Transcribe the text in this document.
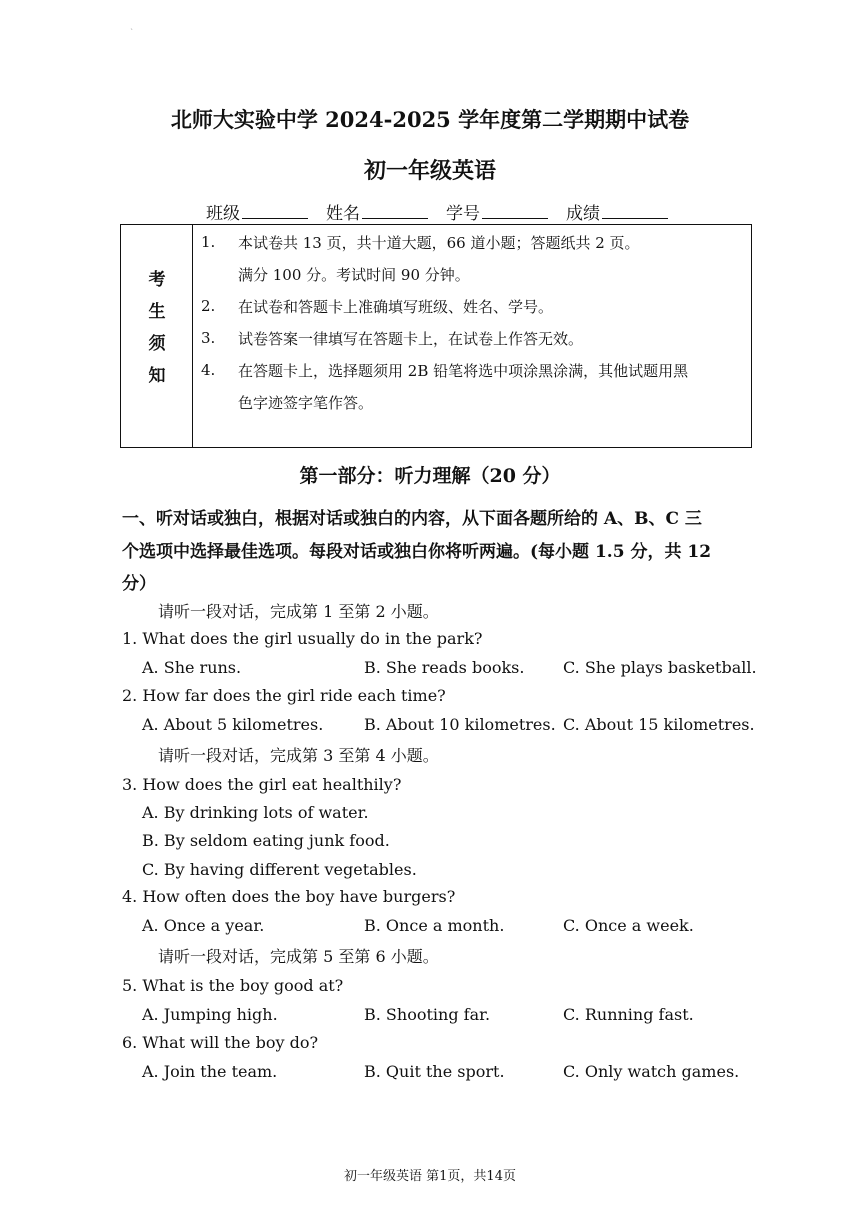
`
北师大实验中学 2024-2025 学年度第二学期期中试卷
初一年级英语
班级	姓名	学号	成绩
考
生
须
知
1. 本试卷共 13 页，共十道大题，66 道小题；答题纸共 2 页。
满分 100 分。考试时间 90 分钟。
2. 在试卷和答题卡上准确填写班级、姓名、学号。
3. 试卷答案一律填写在答题卡上，在试卷上作答无效。
4. 在答题卡上，选择题须用 2B 铅笔将选中项涂黑涂满，其他试题用黑
色字迹签字笔作答。
第一部分：听力理解（20 分）
一、听对话或独白，根据对话或独白的内容，从下面各题所给的 A、B、C 三
个选项中选择最佳选项。每段对话或独白你将听两遍。(每小题 1.5 分，共 12
分）
请听一段对话，完成第 1 至第 2 小题。
1. What does the girl usually do in the park?
A. She runs.	B. She reads books. C. She plays basketball.
2. How far does the girl ride each time?
A. About 5 kilometres.	B. About 10 kilometres. C. About 15 kilometres.
请听一段对话，完成第 3 至第 4 小题。
3. How does the girl eat healthily?
A. By drinking lots of water.
B. By seldom eating junk food.
C. By having different vegetables.
4. How often does the boy have burgers?
A. Once a year.	B. Once a month.	C. Once a week.
请听一段对话，完成第 5 至第 6 小题。
5. What is the boy good at?
A. Jumping high.	B. Shooting far.	C. Running fast.
6. What will the boy do?
A. Join the team.	B. Quit the sport.	C. Only watch games.
初一年级英语 第1页，共14页
